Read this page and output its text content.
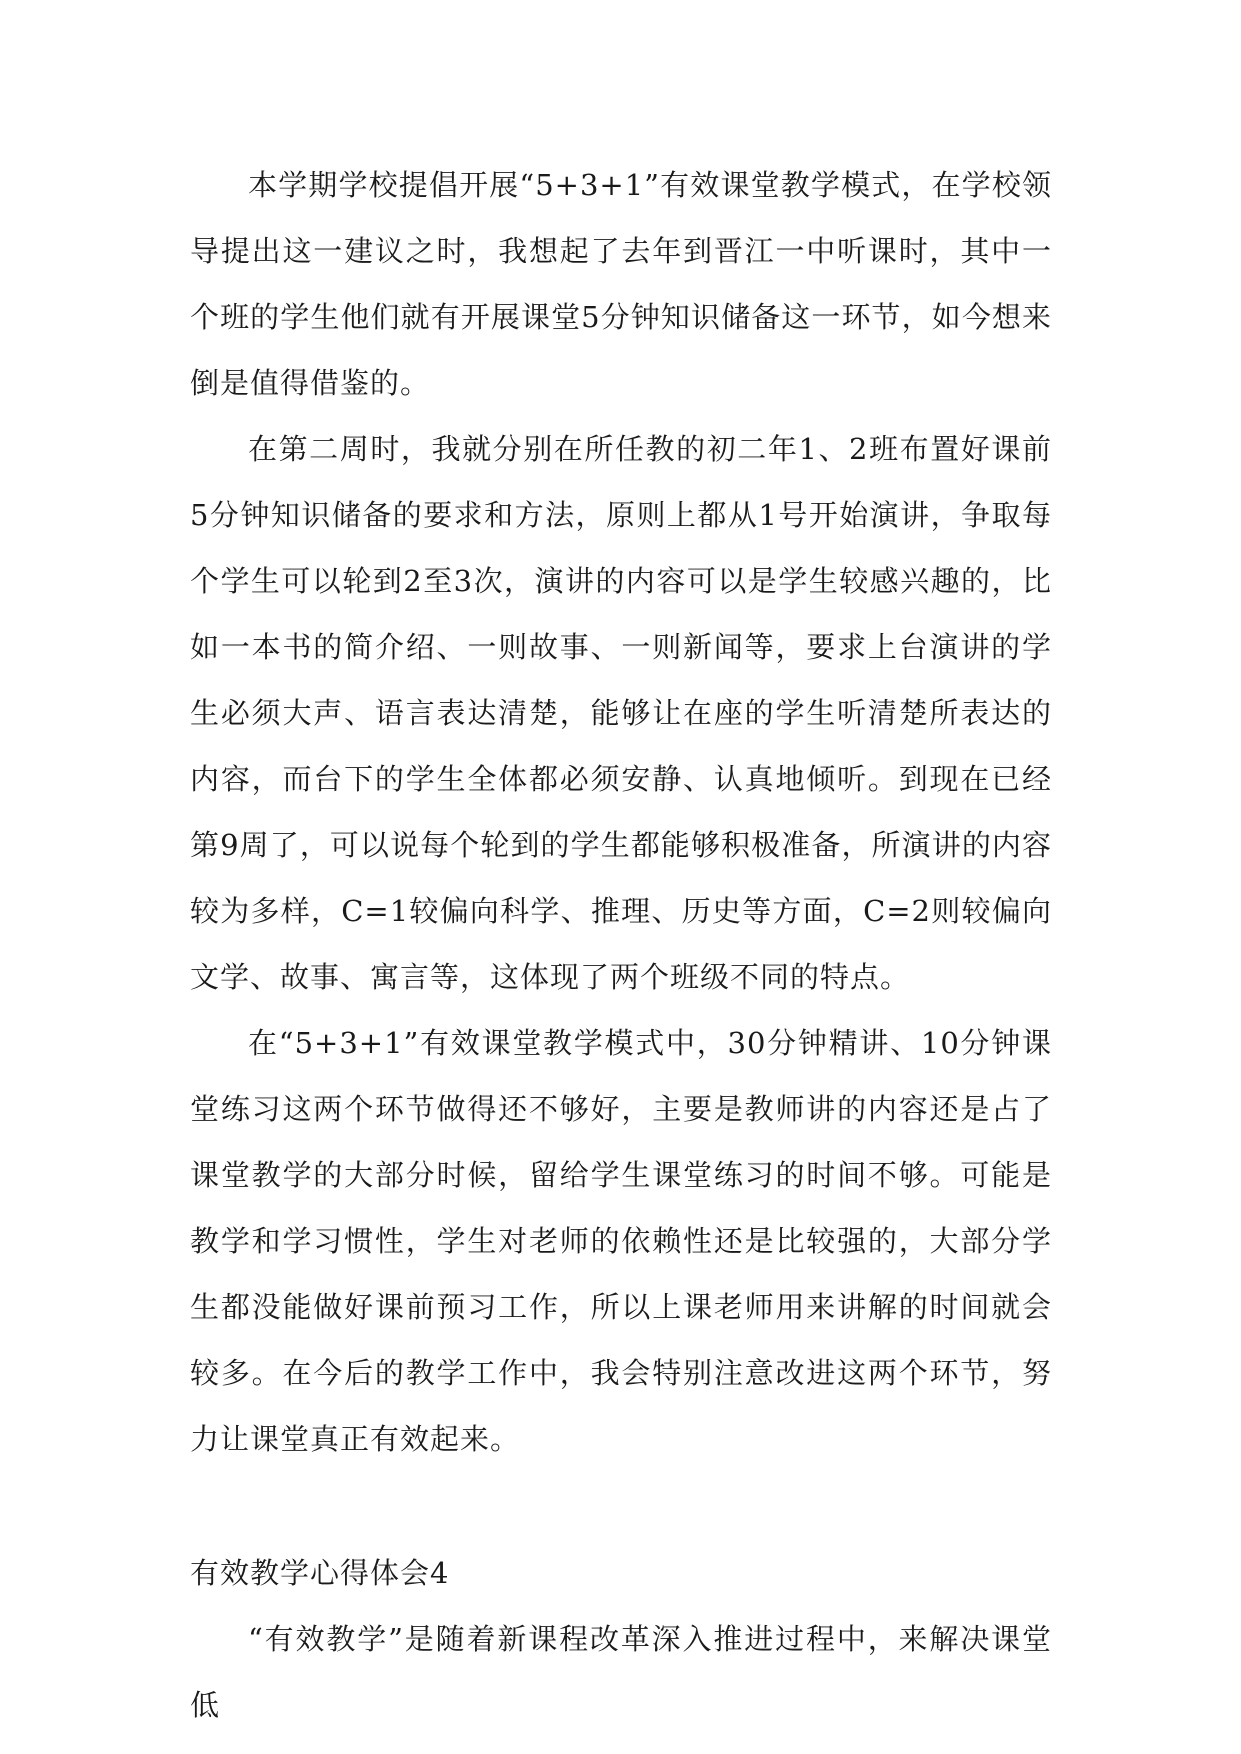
本学期学校提倡开展“5+3+1”有效课堂教学模式，在学校领导提出这一建议之时，我想起了去年到晋江一中听课时，其中一个班的学生他们就有开展课堂5分钟知识储备这一环节，如今想来倒是值得借鉴的。

在第二周时，我就分别在所任教的初二年1、2班布置好课前5分钟知识储备的要求和方法，原则上都从1号开始演讲，争取每个学生可以轮到2至3次，演讲的内容可以是学生较感兴趣的，比如一本书的简介绍、一则故事、一则新闻等，要求上台演讲的学生必须大声、语言表达清楚，能够让在座的学生听清楚所表达的内容，而台下的学生全体都必须安静、认真地倾听。到现在已经第9周了，可以说每个轮到的学生都能够积极准备，所演讲的内容较为多样，C=1较偏向科学、推理、历史等方面，C=2则较偏向文学、故事、寓言等，这体现了两个班级不同的特点。

在“5+3+1”有效课堂教学模式中，30分钟精讲、10分钟课堂练习这两个环节做得还不够好，主要是教师讲的内容还是占了课堂教学的大部分时候，留给学生课堂练习的时间不够。可能是教学和学习惯性，学生对老师的依赖性还是比较强的，大部分学生都没能做好课前预习工作，所以上课老师用来讲解的时间就会较多。在今后的教学工作中，我会特别注意改进这两个环节，努力让课堂真正有效起来。

有效教学心得体会4

“有效教学”是随着新课程改革深入推进过程中，来解决课堂低
